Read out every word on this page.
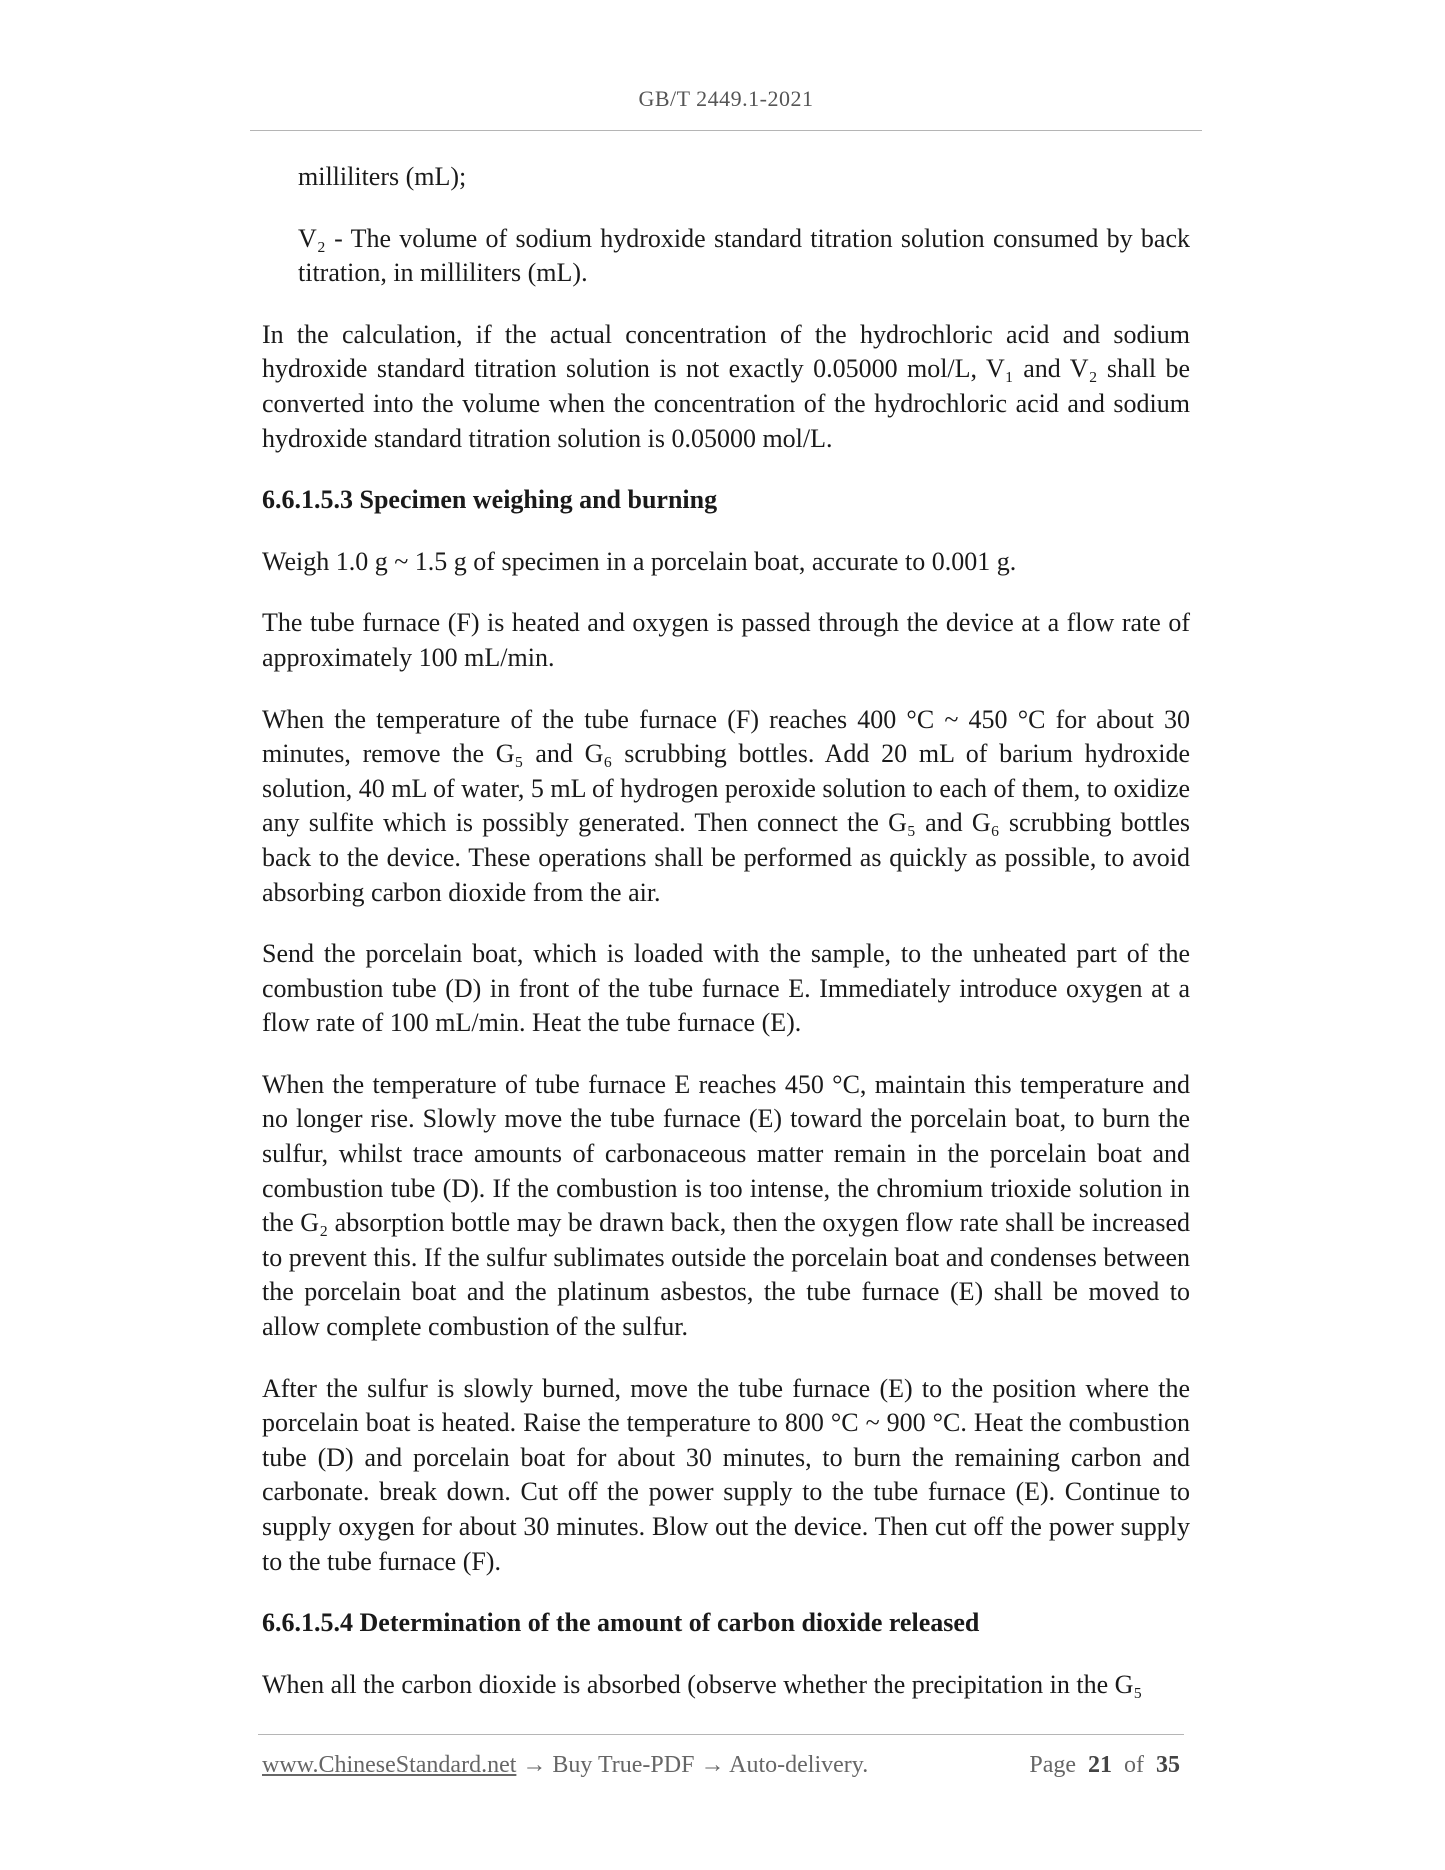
GB/T 2449.1-2021

milliliters (mL);

V₂ - The volume of sodium hydroxide standard titration solution consumed by back titration, in milliliters (mL).

In the calculation, if the actual concentration of the hydrochloric acid and sodium hydroxide standard titration solution is not exactly 0.05000 mol/L, V₁ and V₂ shall be converted into the volume when the concentration of the hydrochloric acid and sodium hydroxide standard titration solution is 0.05000 mol/L.

6.6.1.5.3 Specimen weighing and burning

Weigh 1.0 g ~ 1.5 g of specimen in a porcelain boat, accurate to 0.001 g.

The tube furnace (F) is heated and oxygen is passed through the device at a flow rate of approximately 100 mL/min.

When the temperature of the tube furnace (F) reaches 400 °C ~ 450 °C for about 30 minutes, remove the G₅ and G₆ scrubbing bottles. Add 20 mL of barium hydroxide solution, 40 mL of water, 5 mL of hydrogen peroxide solution to each of them, to oxidize any sulfite which is possibly generated. Then connect the G₅ and G₆ scrubbing bottles back to the device. These operations shall be performed as quickly as possible, to avoid absorbing carbon dioxide from the air.

Send the porcelain boat, which is loaded with the sample, to the unheated part of the combustion tube (D) in front of the tube furnace E. Immediately introduce oxygen at a flow rate of 100 mL/min. Heat the tube furnace (E).

When the temperature of tube furnace E reaches 450 °C, maintain this temperature and no longer rise. Slowly move the tube furnace (E) toward the porcelain boat, to burn the sulfur, whilst trace amounts of carbonaceous matter remain in the porcelain boat and combustion tube (D). If the combustion is too intense, the chromium trioxide solution in the G₂ absorption bottle may be drawn back, then the oxygen flow rate shall be increased to prevent this. If the sulfur sublimates outside the porcelain boat and condenses between the porcelain boat and the platinum asbestos, the tube furnace (E) shall be moved to allow complete combustion of the sulfur.

After the sulfur is slowly burned, move the tube furnace (E) to the position where the porcelain boat is heated. Raise the temperature to 800 °C ~ 900 °C. Heat the combustion tube (D) and porcelain boat for about 30 minutes, to burn the remaining carbon and carbonate. break down. Cut off the power supply to the tube furnace (E). Continue to supply oxygen for about 30 minutes. Blow out the device. Then cut off the power supply to the tube furnace (F).

6.6.1.5.4 Determination of the amount of carbon dioxide released

When all the carbon dioxide is absorbed (observe whether the precipitation in the G₅

www.ChineseStandard.net → Buy True-PDF → Auto-delivery.	Page 21 of 35
